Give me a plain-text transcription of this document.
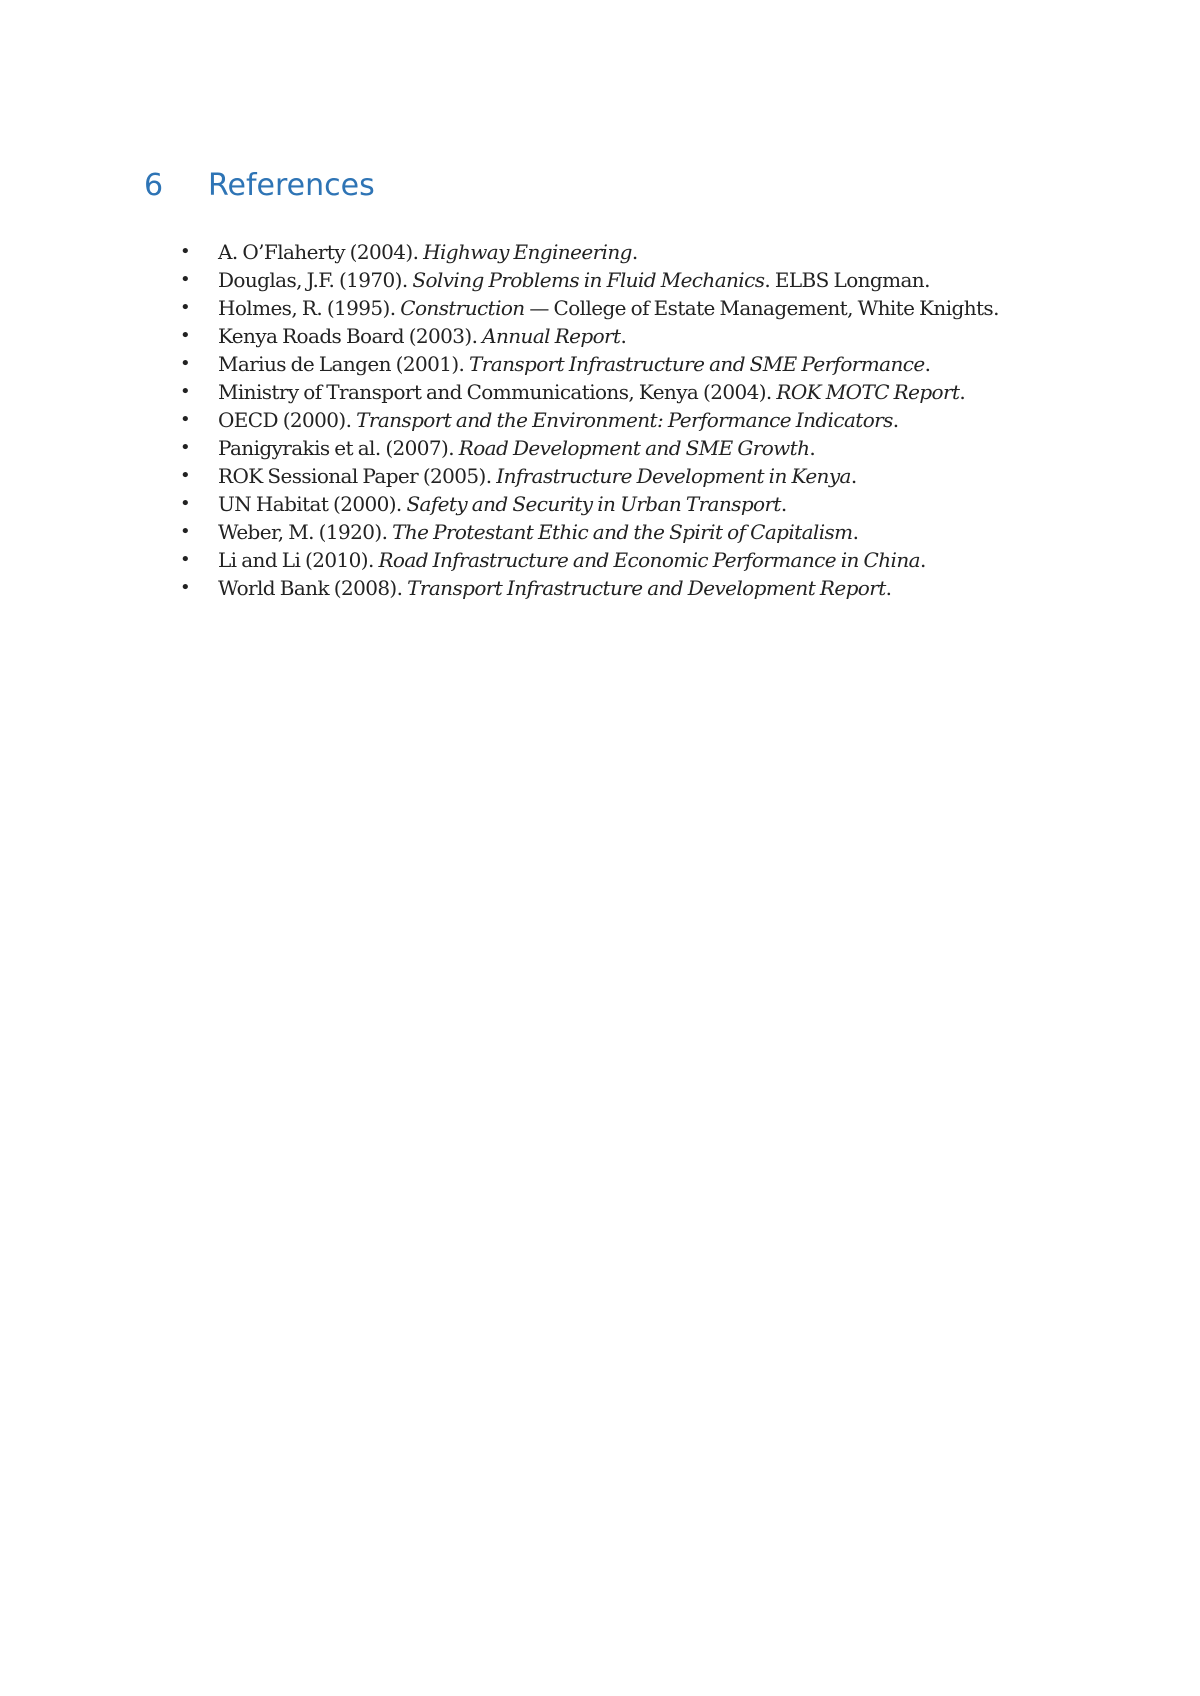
6 References
•	A. O’Flaherty (2004). Highway Engineering.
•	Douglas, J.F. (1970). Solving Problems in Fluid Mechanics. ELBS Longman.
•	Holmes, R. (1995). Construction — College of Estate Management, White Knights.
•	Kenya Roads Board (2003). Annual Report.
•	Marius de Langen (2001). Transport Infrastructure and SME Performance.
•	Ministry of Transport and Communications, Kenya (2004). ROK MOTC Report.
•	OECD (2000). Transport and the Environment: Performance Indicators.
•	Panigyrakis et al. (2007). Road Development and SME Growth.
•	ROK Sessional Paper (2005). Infrastructure Development in Kenya.
•	UN Habitat (2000). Safety and Security in Urban Transport.
•	Weber, M. (1920). The Protestant Ethic and the Spirit of Capitalism.
•	Li and Li (2010). Road Infrastructure and Economic Performance in China.
•	World Bank (2008). Transport Infrastructure and Development Report.
